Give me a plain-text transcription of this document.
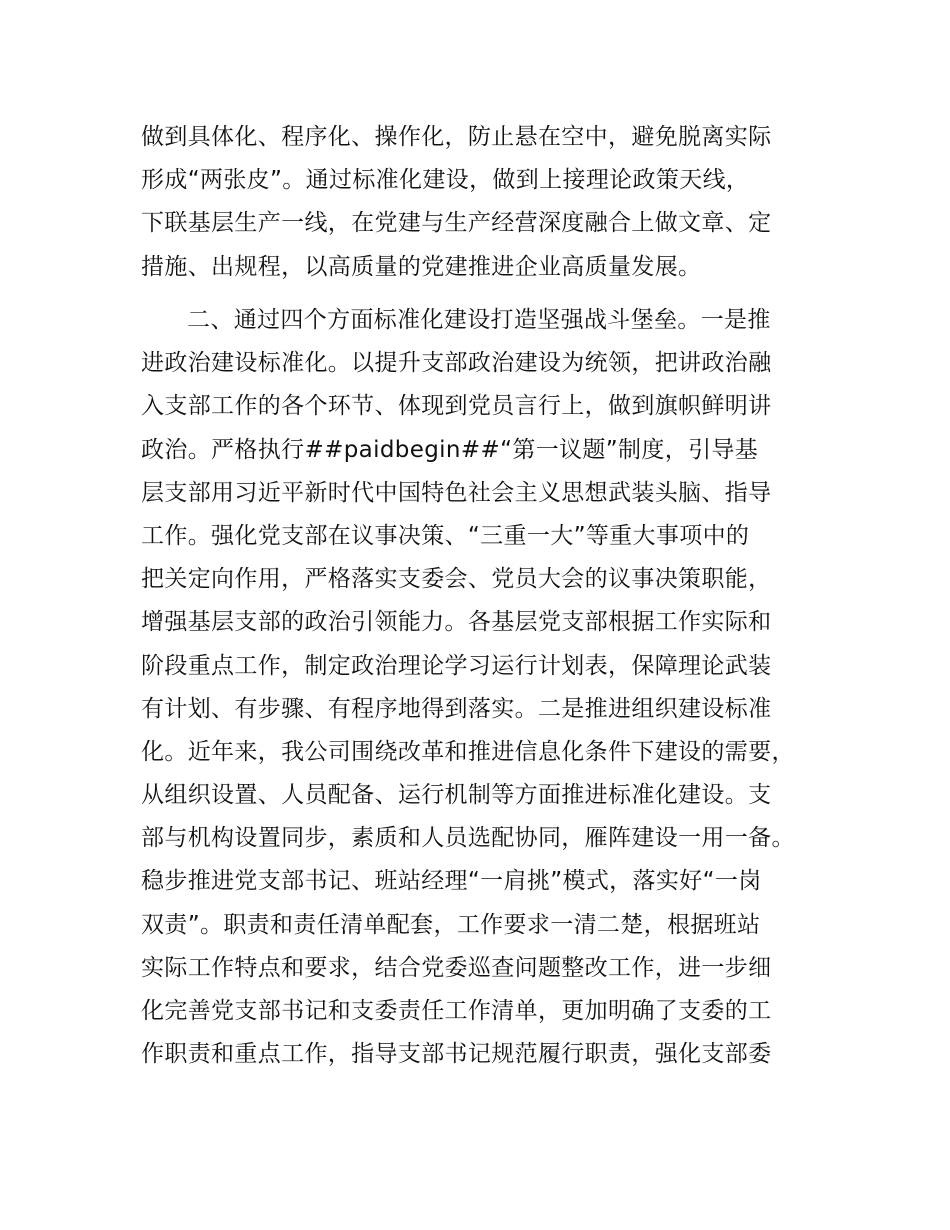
做到具体化、程序化、操作化，防止悬在空中，避免脱离实际
形成“两张皮”。通过标准化建设，做到上接理论政策天线，
下联基层生产一线，在党建与生产经营深度融合上做文章、定
措施、出规程，以高质量的党建推进企业高质量发展。
二、通过四个方面标准化建设打造坚强战斗堡垒。一是推
进政治建设标准化。以提升支部政治建设为统领，把讲政治融
入支部工作的各个环节、体现到党员言行上，做到旗帜鲜明讲
政治。严格执行##paidbegin##“第一议题”制度，引导基
层支部用习近平新时代中国特色社会主义思想武装头脑、指导
工作。强化党支部在议事决策、“三重一大”等重大事项中的
把关定向作用，严格落实支委会、党员大会的议事决策职能，
增强基层支部的政治引领能力。各基层党支部根据工作实际和
阶段重点工作，制定政治理论学习运行计划表，保障理论武装
有计划、有步骤、有程序地得到落实。二是推进组织建设标准
化。近年来，我公司围绕改革和推进信息化条件下建设的需要，
从组织设置、人员配备、运行机制等方面推进标准化建设。支
部与机构设置同步，素质和人员选配协同，雁阵建设一用一备。
稳步推进党支部书记、班站经理“一肩挑”模式，落实好“一岗
双责”。职责和责任清单配套，工作要求一清二楚，根据班站
实际工作特点和要求，结合党委巡查问题整改工作，进一步细
化完善党支部书记和支委责任工作清单，更加明确了支委的工
作职责和重点工作，指导支部书记规范履行职责，强化支部委
